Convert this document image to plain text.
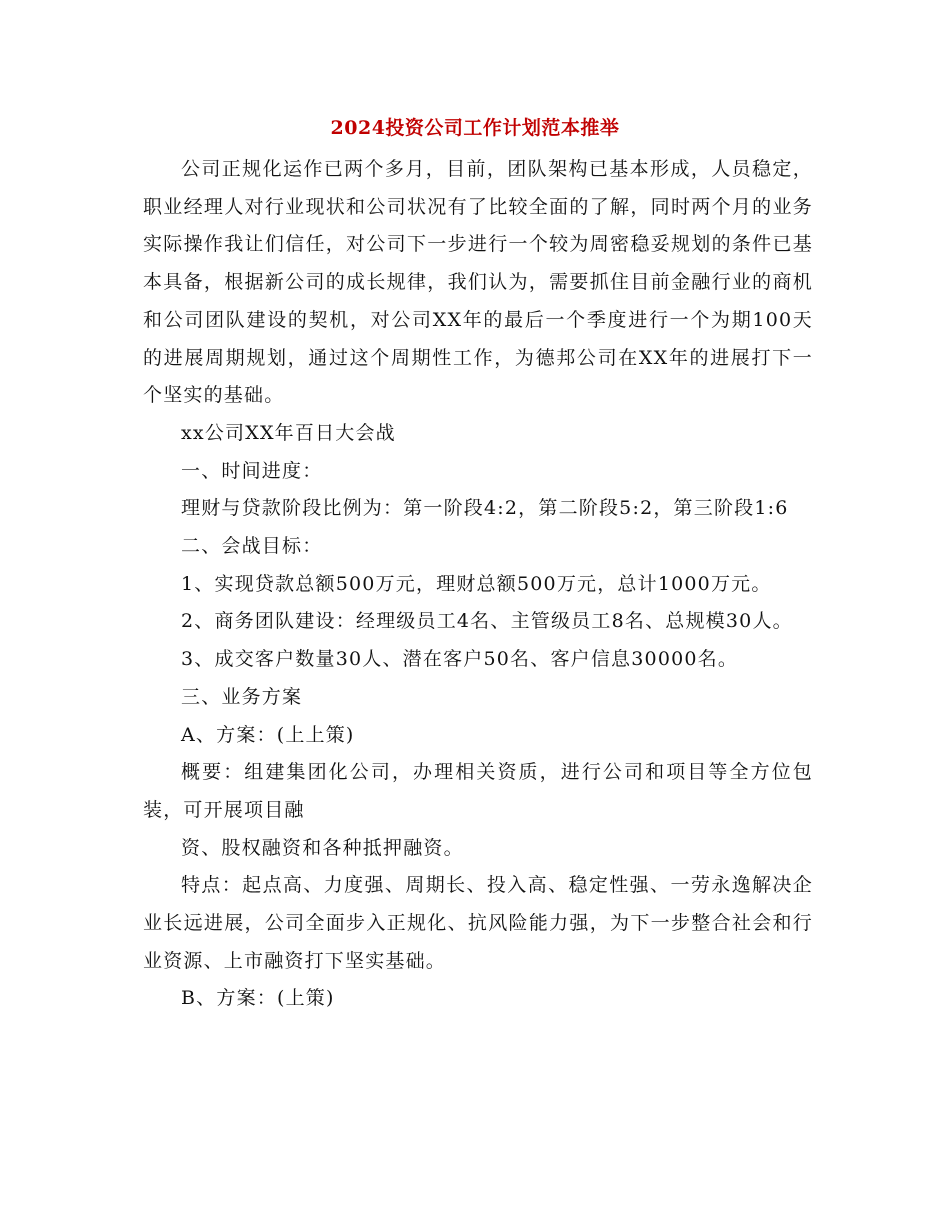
2024投资公司工作计划范本推举

公司正规化运作已两个多月，目前，团队架构已基本形成，人员稳定，职业经理人对行业现状和公司状况有了比较全面的了解，同时两个月的业务实际操作我让们信任，对公司下一步进行一个较为周密稳妥规划的条件已基本具备，根据新公司的成长规律，我们认为，需要抓住目前金融行业的商机和公司团队建设的契机，对公司XX年的最后一个季度进行一个为期100天的进展周期规划，通过这个周期性工作，为德邦公司在XX年的进展打下一个坚实的基础。

xx公司XX年百日大会战

一、时间进度：

理财与贷款阶段比例为：第一阶段4:2，第二阶段5:2，第三阶段1:6

二、会战目标：

1、实现贷款总额500万元，理财总额500万元，总计1000万元。

2、商务团队建设：经理级员工4名、主管级员工8名、总规模30人。

3、成交客户数量30人、潜在客户50名、客户信息30000名。

三、业务方案

A、方案：(上上策)

概要：组建集团化公司，办理相关资质，进行公司和项目等全方位包装，可开展项目融

资、股权融资和各种抵押融资。

特点：起点高、力度强、周期长、投入高、稳定性强、一劳永逸解决企业长远进展，公司全面步入正规化、抗风险能力强，为下一步整合社会和行业资源、上市融资打下坚实基础。

B、方案：(上策)
